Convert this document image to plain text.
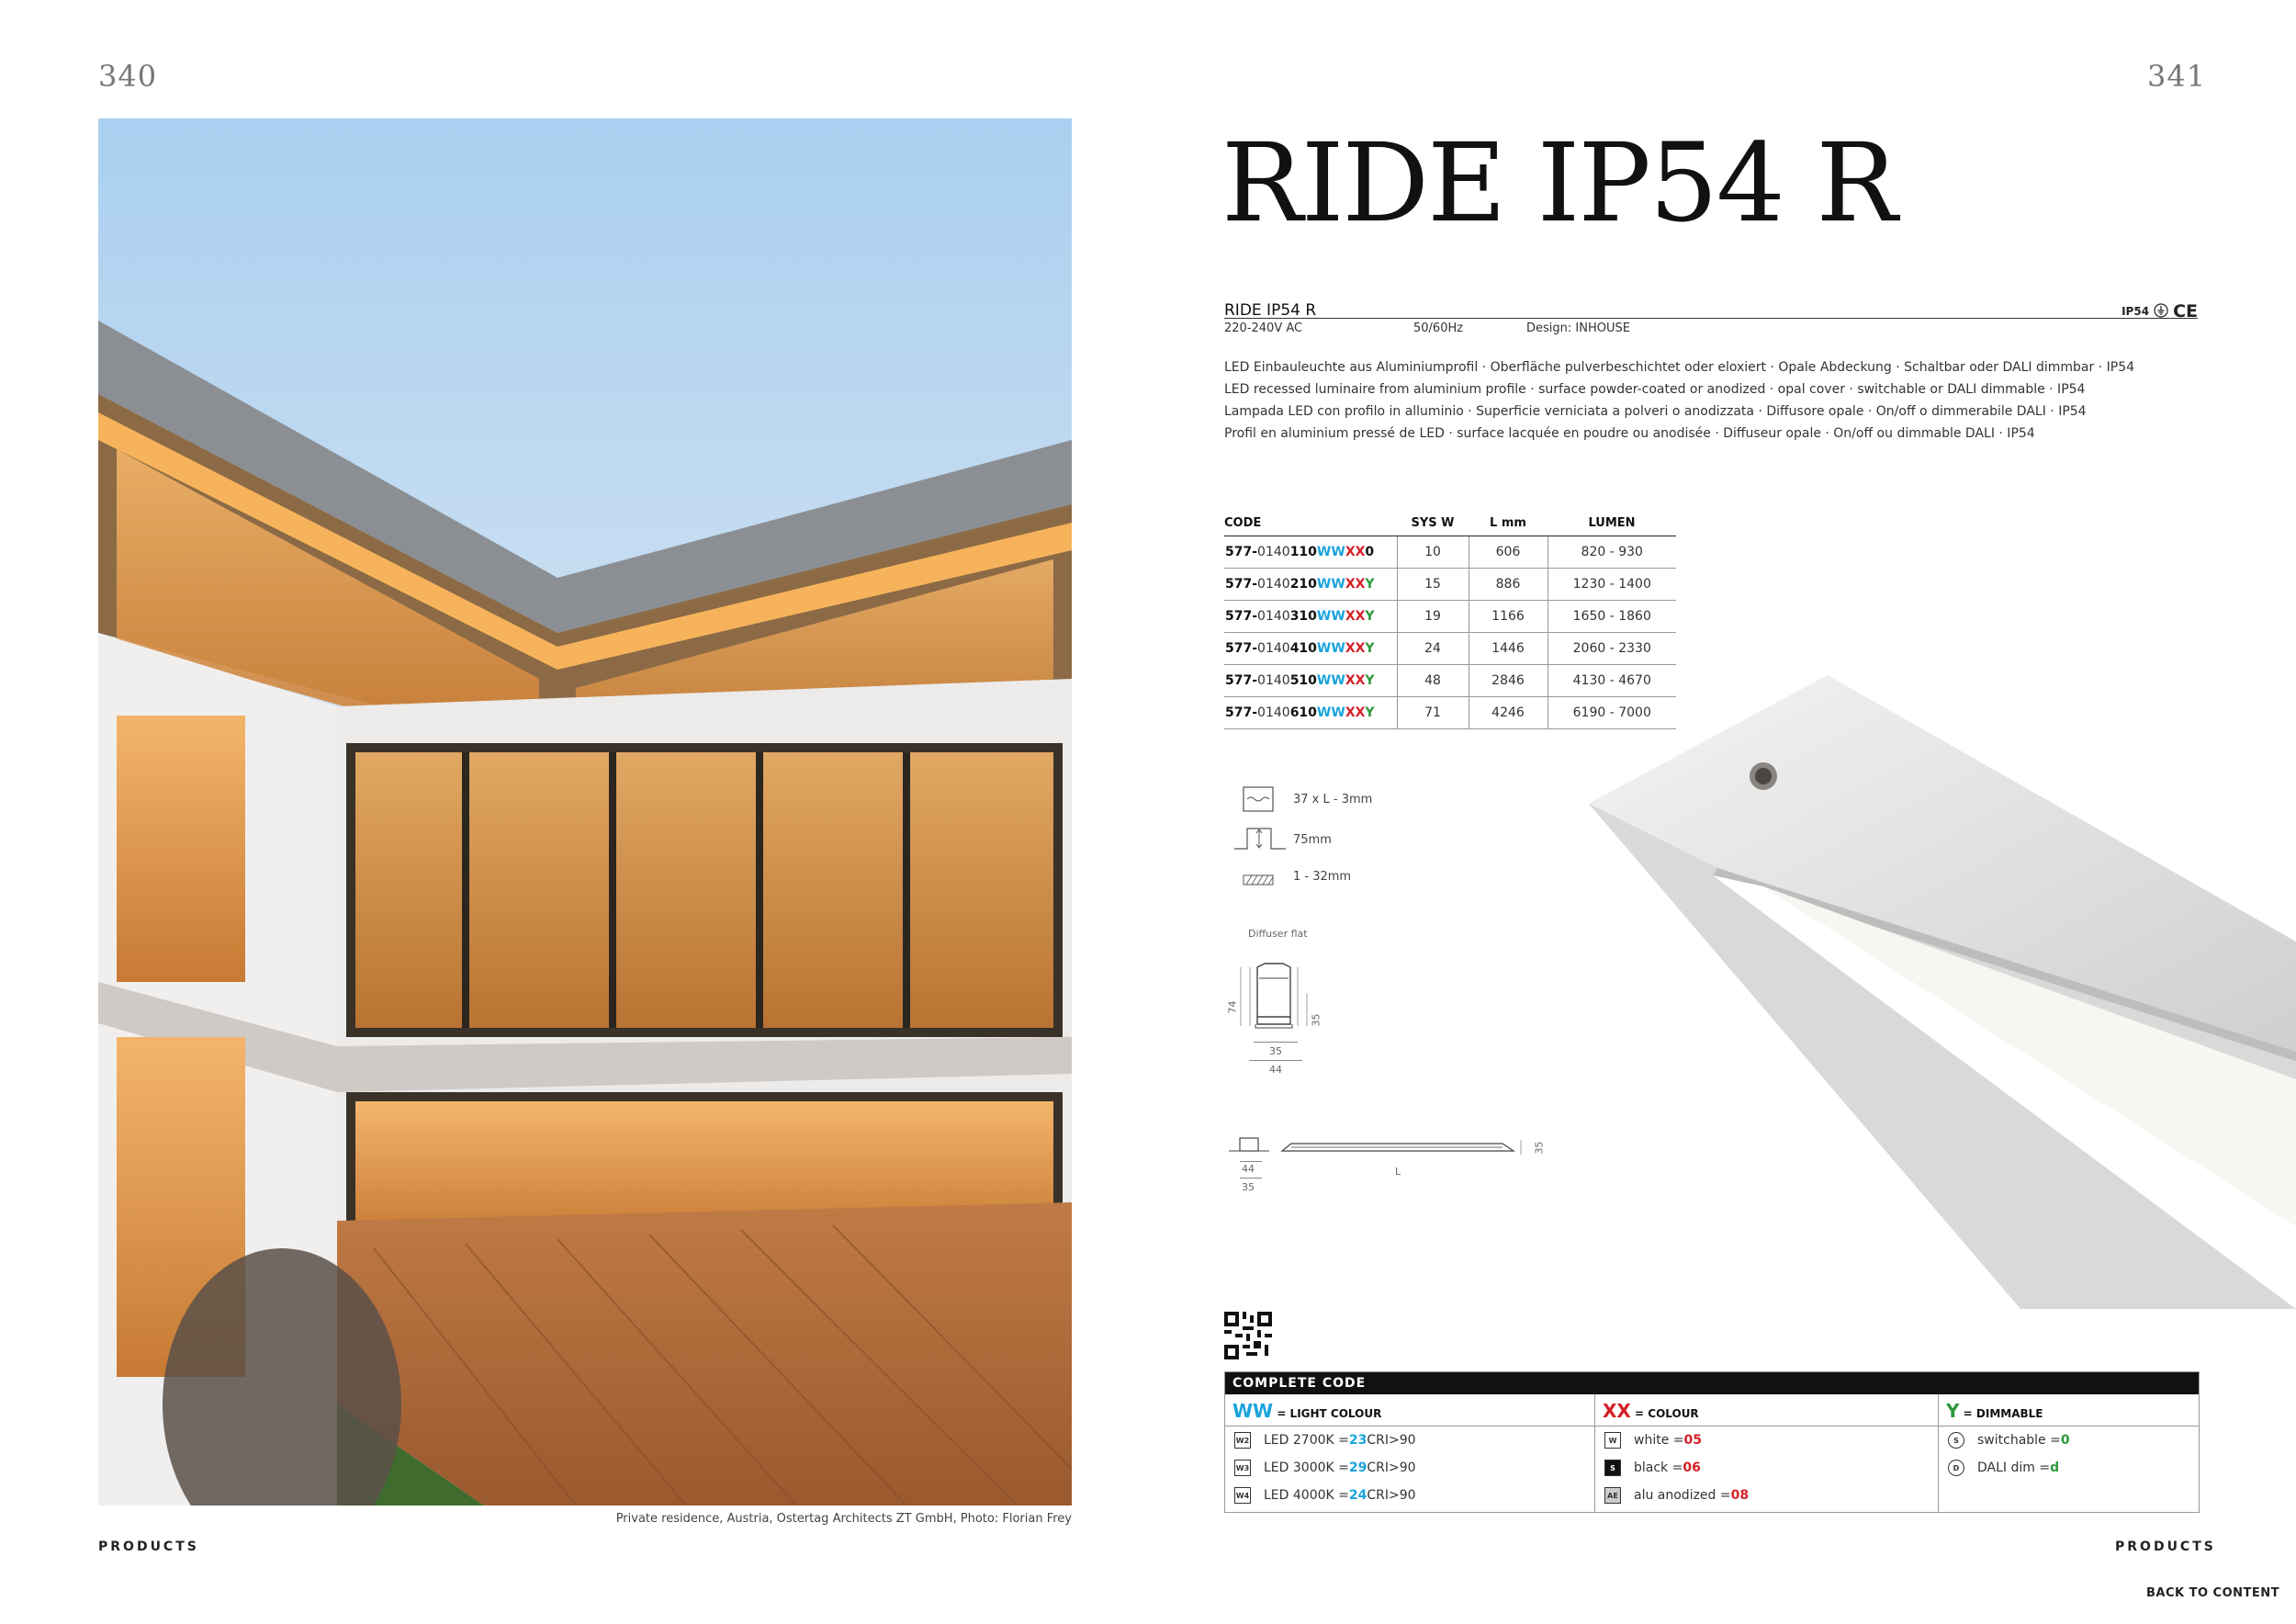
340	341
Private residence, Austria, Ostertag Architects ZT GmbH, Photo: Florian Frey
PRODUCTS	PRODUCTS
BACK TO CONTENT
RIDE IP54 R
RIDE IP54 R	IP54 CE
220-240V AC	50/60Hz	Design: INHOUSE
LED Einbauleuchte aus Aluminiumprofil · Oberfläche pulverbeschichtet oder eloxiert · Opale Abdeckung · Schaltbar oder DALI dimmbar · IP54
LED recessed luminaire from aluminium profile · surface powder-coated or anodized · opal cover · switchable or DALI dimmable · IP54
Lampada LED con profilo in alluminio · Superficie verniciata a polveri o anodizzata · Diffusore opale · On/off o dimmerabile DALI · IP54
Profil en aluminium pressé de LED · surface lacquée en poudre ou anodisée · Diffuseur opale · On/off ou dimmable DALI · IP54
CODE	SYS W	L mm	LUMEN
577-0140110WWXX0	10	606	820 - 930
577-0140210WWXXY	15	886	1230 - 1400
577-0140310WWXXY	19	1166	1650 - 1860
577-0140410WWXXY	24	1446	2060 - 2330
577-0140510WWXXY	48	2846	4130 - 4670
577-0140610WWXXY	71	4246	6190 - 7000
37 x L - 3mm
75mm
1 - 32mm
Diffuser flat
74
35
35
44
35
44
35
L
COMPLETE CODE
WW = LIGHT COLOUR
W2 LED 2700K = 23 CRI>90
W3 LED 3000K = 29 CRI>90
W4 LED 4000K = 24 CRI>90
XX = COLOUR
W	white = 05
S	black = 06
AE alu anodized = 08
Y = DIMMABLE
S	switchable = 0
D	DALI dim = d
